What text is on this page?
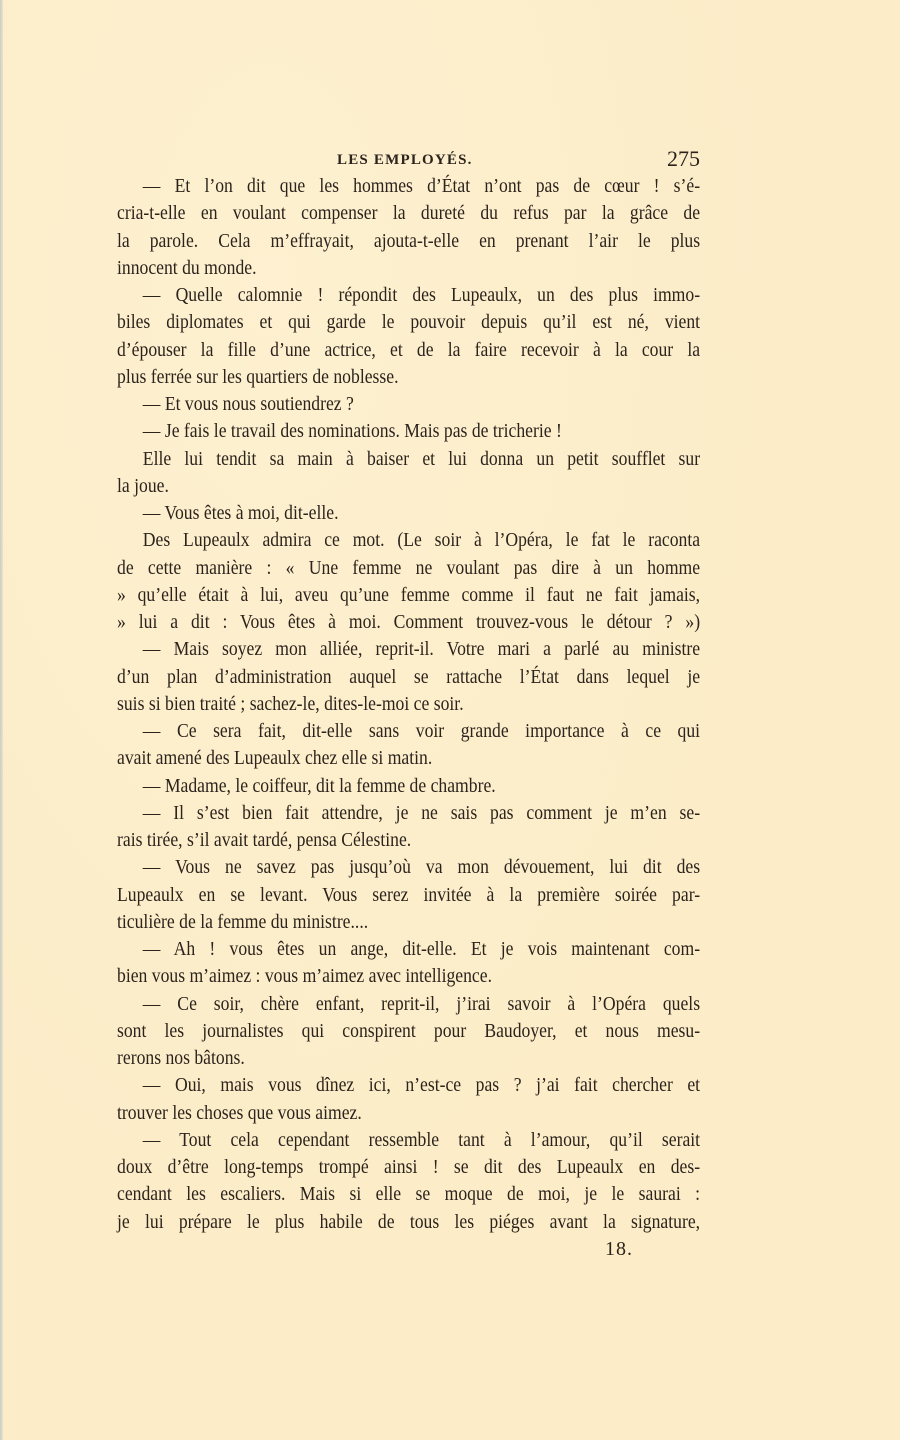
LES EMPLOYÉS.	275
— Et l’on dit que les hommes d’État n’ont pas de cœur ! s’é-
cria-t-elle en voulant compenser la dureté du refus par la grâce de
la parole. Cela m’effrayait, ajouta-t-elle en prenant l’air le plus
innocent du monde.
— Quelle calomnie ! répondit des Lupeaulx, un des plus immo-
biles diplomates et qui garde le pouvoir depuis qu’il est né, vient
d’épouser la fille d’une actrice, et de la faire recevoir à la cour la
plus ferrée sur les quartiers de noblesse.
— Et vous nous soutiendrez ?
— Je fais le travail des nominations. Mais pas de tricherie !
Elle lui tendit sa main à baiser et lui donna un petit soufflet sur
la joue.
— Vous êtes à moi, dit-elle.
Des Lupeaulx admira ce mot. (Le soir à l’Opéra, le fat le raconta
de cette manière : « Une femme ne voulant pas dire à un homme
» qu’elle était à lui, aveu qu’une femme comme il faut ne fait jamais,
» lui a dit : Vous êtes à moi. Comment trouvez-vous le détour ? »)
— Mais soyez mon alliée, reprit-il. Votre mari a parlé au ministre
d’un plan d’administration auquel se rattache l’État dans lequel je
suis si bien traité ; sachez-le, dites-le-moi ce soir.
— Ce sera fait, dit-elle sans voir grande importance à ce qui
avait amené des Lupeaulx chez elle si matin.
— Madame, le coiffeur, dit la femme de chambre.
— Il s’est bien fait attendre, je ne sais pas comment je m’en se-
rais tirée, s’il avait tardé, pensa Célestine.
— Vous ne savez pas jusqu’où va mon dévouement, lui dit des
Lupeaulx en se levant. Vous serez invitée à la première soirée par-
ticulière de la femme du ministre....
— Ah ! vous êtes un ange, dit-elle. Et je vois maintenant com-
bien vous m’aimez : vous m’aimez avec intelligence.
— Ce soir, chère enfant, reprit-il, j’irai savoir à l’Opéra quels
sont les journalistes qui conspirent pour Baudoyer, et nous mesu-
rerons nos bâtons.
— Oui, mais vous dînez ici, n’est-ce pas ? j’ai fait chercher et
trouver les choses que vous aimez.
— Tout cela cependant ressemble tant à l’amour, qu’il serait
doux d’être long-temps trompé ainsi ! se dit des Lupeaulx en des-
cendant les escaliers. Mais si elle se moque de moi, je le saurai :
je lui prépare le plus habile de tous les piéges avant la signature,
18.
